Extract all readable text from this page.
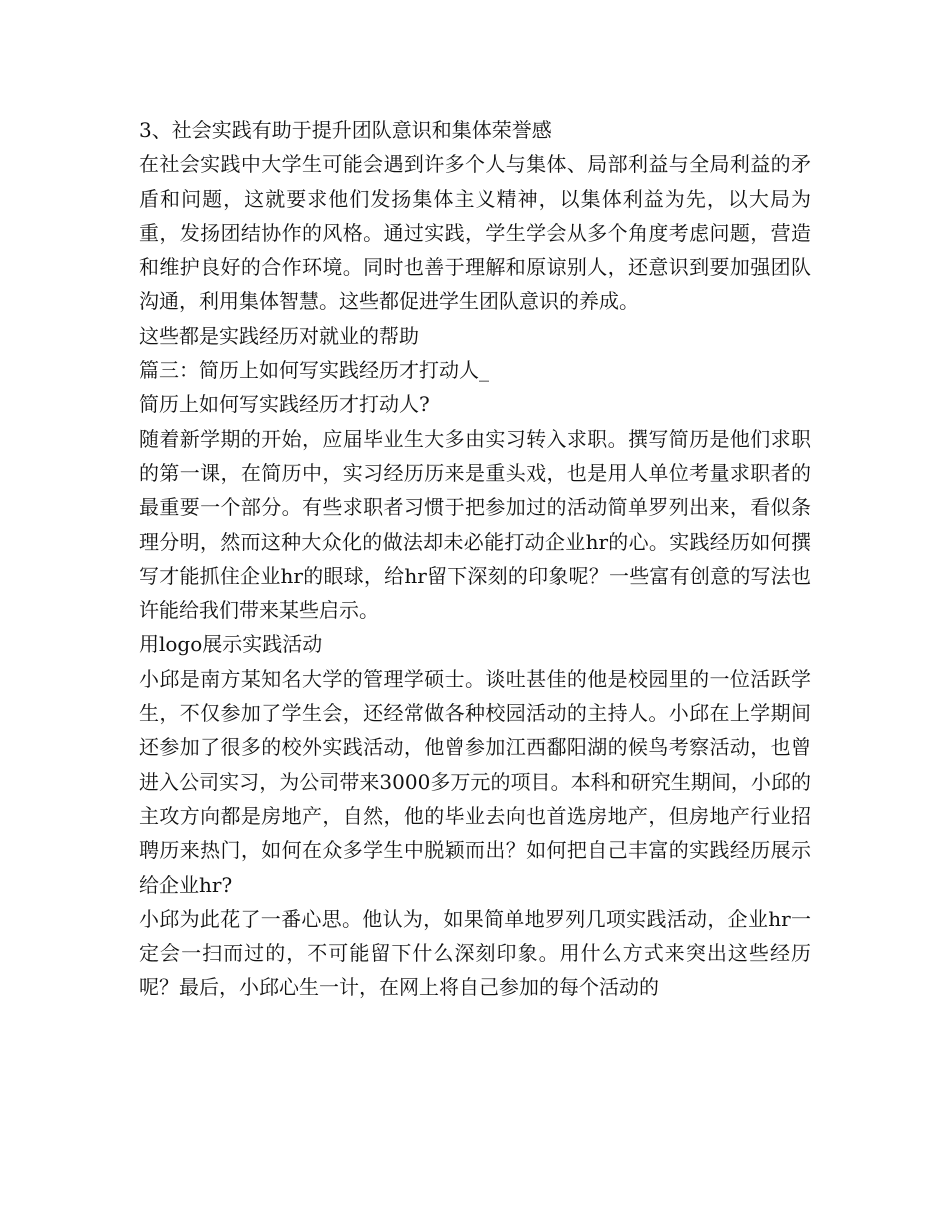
3、社会实践有助于提升团队意识和集体荣誉感

在社会实践中大学生可能会遇到许多个人与集体、局部利益与全局利益的矛盾和问题，这就要求他们发扬集体主义精神，以集体利益为先，以大局为重，发扬团结协作的风格。通过实践，学生学会从多个角度考虑问题，营造和维护良好的合作环境。同时也善于理解和原谅别人，还意识到要加强团队沟通，利用集体智慧。这些都促进学生团队意识的养成。

这些都是实践经历对就业的帮助

篇三：简历上如何写实践经历才打动人_

简历上如何写实践经历才打动人?

随着新学期的开始，应届毕业生大多由实习转入求职。撰写简历是他们求职的第一课，在简历中，实习经历历来是重头戏，也是用人单位考量求职者的最重要一个部分。有些求职者习惯于把参加过的活动简单罗列出来，看似条理分明，然而这种大众化的做法却未必能打动企业hr的心。实践经历如何撰写才能抓住企业hr的眼球，给hr留下深刻的印象呢？一些富有创意的写法也许能给我们带来某些启示。

用logo展示实践活动

小邱是南方某知名大学的管理学硕士。谈吐甚佳的他是校园里的一位活跃学生，不仅参加了学生会，还经常做各种校园活动的主持人。小邱在上学期间还参加了很多的校外实践活动，他曾参加江西鄱阳湖的候鸟考察活动，也曾进入公司实习，为公司带来3000多万元的项目。本科和研究生期间，小邱的主攻方向都是房地产，自然，他的毕业去向也首选房地产，但房地产行业招聘历来热门，如何在众多学生中脱颖而出？如何把自己丰富的实践经历展示给企业hr?

小邱为此花了一番心思。他认为，如果简单地罗列几项实践活动，企业hr一定会一扫而过的，不可能留下什么深刻印象。用什么方式来突出这些经历呢？最后，小邱心生一计，在网上将自己参加的每个活动的
